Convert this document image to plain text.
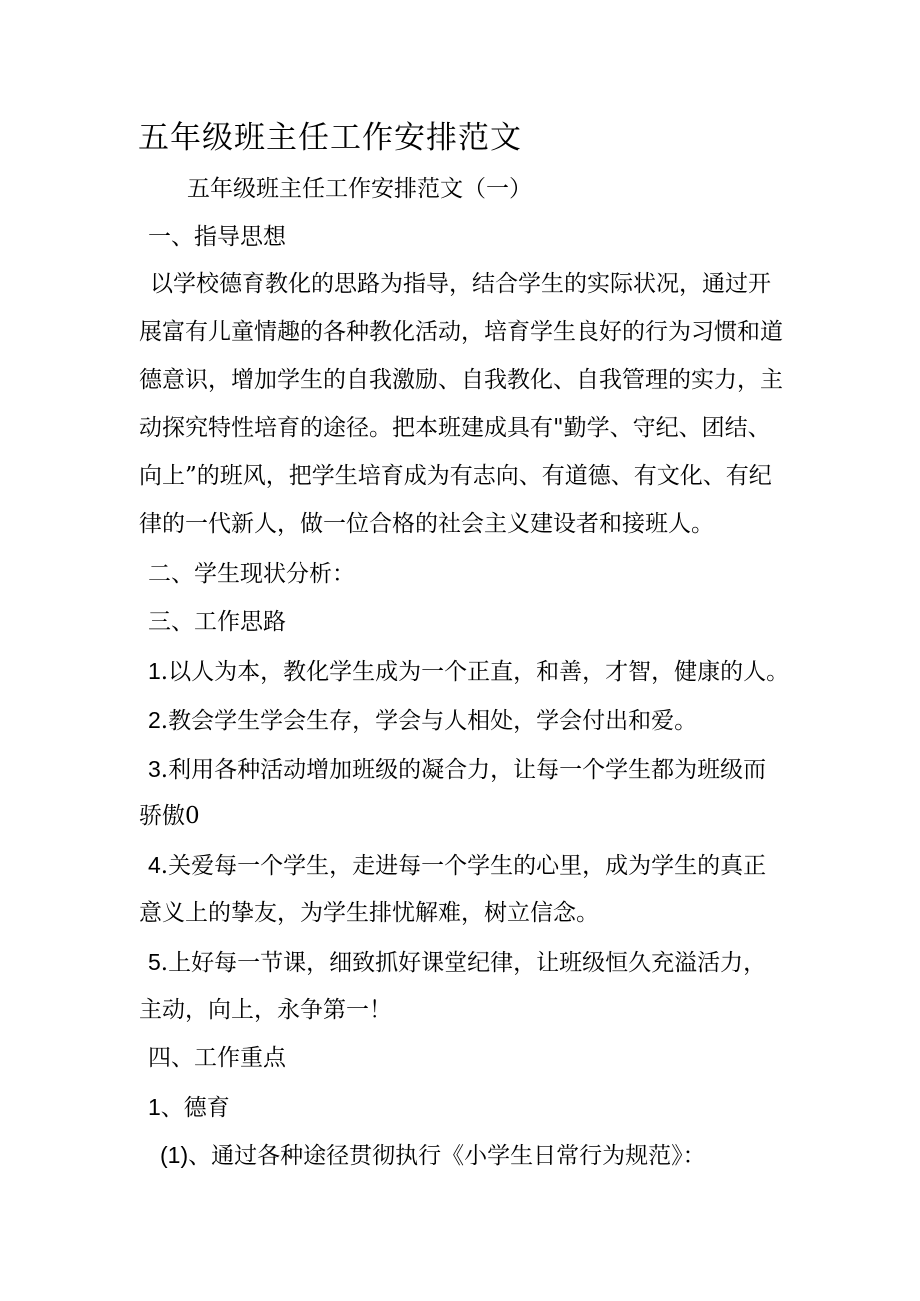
五年级班主任工作安排范文

五年级班主任工作安排范文（一）

一、指导思想

以学校德育教化的思路为指导，结合学生的实际状况，通过开

展富有儿童情趣的各种教化活动，培育学生良好的行为习惯和道

德意识，增加学生的自我激励、自我教化、自我管理的实力，主

动探究特性培育的途径。把本班建成具有"勤学、守纪、团结、

向上”的班风，把学生培育成为有志向、有道德、有文化、有纪

律的一代新人，做一位合格的社会主义建设者和接班人。

二、学生现状分析：

三、工作思路

1.以人为本，教化学生成为一个正直，和善，才智，健康的人。

2.教会学生学会生存，学会与人相处，学会付出和爱。

3.利用各种活动增加班级的凝合力，让每一个学生都为班级而

骄傲0

4.关爱每一个学生，走进每一个学生的心里，成为学生的真正

意义上的挚友，为学生排忧解难，树立信念。

5.上好每一节课，细致抓好课堂纪律，让班级恒久充溢活力，

主动，向上，永争第一！

四、工作重点

1、德育

(1)、通过各种途径贯彻执行《小学生日常行为规范》：
